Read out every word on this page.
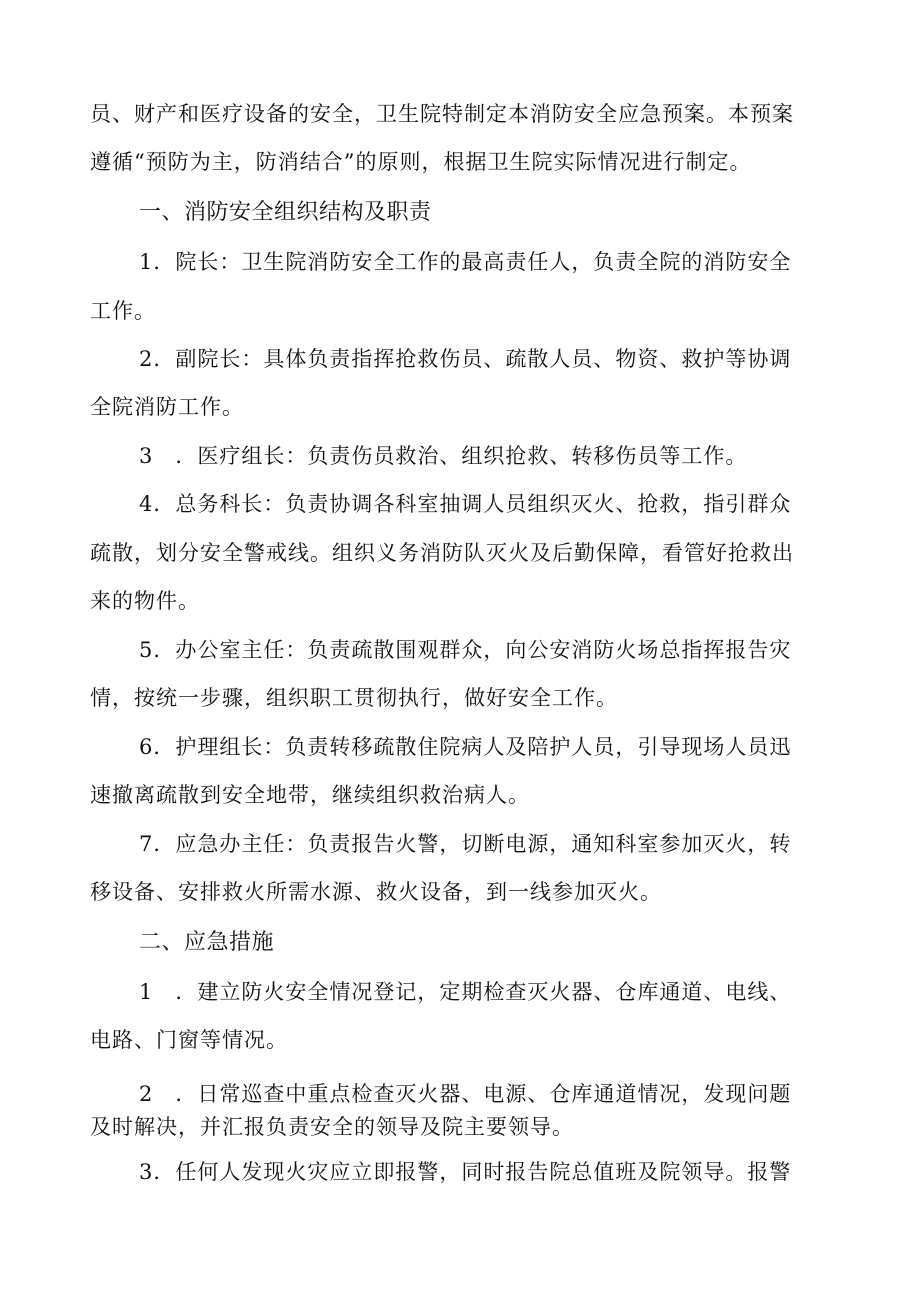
员、财产和医疗设备的安全，卫生院特制定本消防安全应急预案。本预案
遵循“预防为主，防消结合”的原则，根据卫生院实际情况进行制定。
一、消防安全组织结构及职责
1．院长：卫生院消防安全工作的最高责任人，负责全院的消防安全
工作。
2．副院长：具体负责指挥抢救伤员、疏散人员、物资、救护等协调
全院消防工作。
3　．医疗组长：负责伤员救治、组织抢救、转移伤员等工作。
4．总务科长：负责协调各科室抽调人员组织灭火、抢救，指引群众
疏散，划分安全警戒线。组织义务消防队灭火及后勤保障，看管好抢救出
来的物件。
5．办公室主任：负责疏散围观群众，向公安消防火场总指挥报告灾
情，按统一步骤，组织职工贯彻执行，做好安全工作。
6．护理组长：负责转移疏散住院病人及陪护人员，引导现场人员迅
速撤离疏散到安全地带，继续组织救治病人。
7．应急办主任：负责报告火警，切断电源，通知科室参加灭火，转
移设备、安排救火所需水源、救火设备，到一线参加灭火。
二、应急措施
1　．建立防火安全情况登记，定期检查灭火器、仓库通道、电线、
电路、门窗等情况。
2　．日常巡查中重点检查灭火器、电源、仓库通道情况，发现问题
及时解决，并汇报负责安全的领导及院主要领导。
3．任何人发现火灾应立即报警，同时报告院总值班及院领导。报警
